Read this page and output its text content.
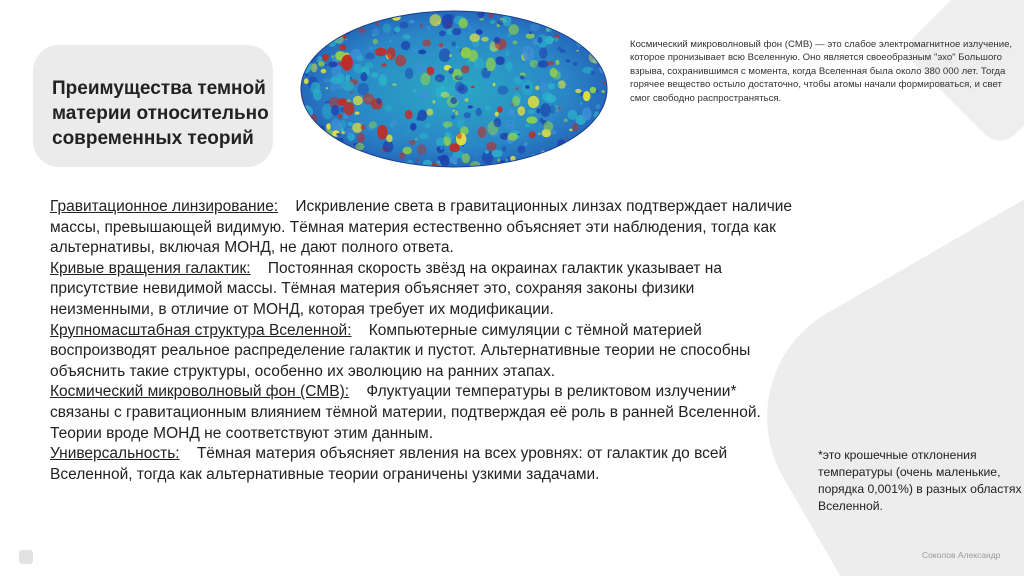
Преимущества темной материи относительно современных теорий

Космический микроволновый фон (CMB) — это слабое электромагнитное излучение, которое пронизывает всю Вселенную. Оно является своеобразным "эхо" Большого взрыва, сохранившимся с момента, когда Вселенная была около 380 000 лет. Тогда горячее вещество остыло достаточно, чтобы атомы начали формироваться, и свет смог свободно распространяться.

Гравитационное линзирование: Искривление света в гравитационных линзах подтверждает наличие массы, превышающей видимую. Тёмная материя естественно объясняет эти наблюдения, тогда как альтернативы, включая МОНД, не дают полного ответа.

Кривые вращения галактик: Постоянная скорость звёзд на окраинах галактик указывает на присутствие невидимой массы. Тёмная материя объясняет это, сохраняя законы физики неизменными, в отличие от МОНД, которая требует их модификации.

Крупномасштабная структура Вселенной: Компьютерные симуляции с тёмной материей воспроизводят реальное распределение галактик и пустот. Альтернативные теории не способны объяснить такие структуры, особенно их эволюцию на ранних этапах.

Космический микроволновый фон (CMB): Флуктуации температуры в реликтовом излучении* связаны с гравитационным влиянием тёмной материи, подтверждая её роль в ранней Вселенной. Теории вроде МОНД не соответствуют этим данным.

Универсальность: Тёмная материя объясняет явления на всех уровнях: от галактик до всей Вселенной, тогда как альтернативные теории ограничены узкими задачами.

*это крошечные отклонения температуры (очень маленькие, порядка 0,001%) в разных областях Вселенной.

Соколов Александр
